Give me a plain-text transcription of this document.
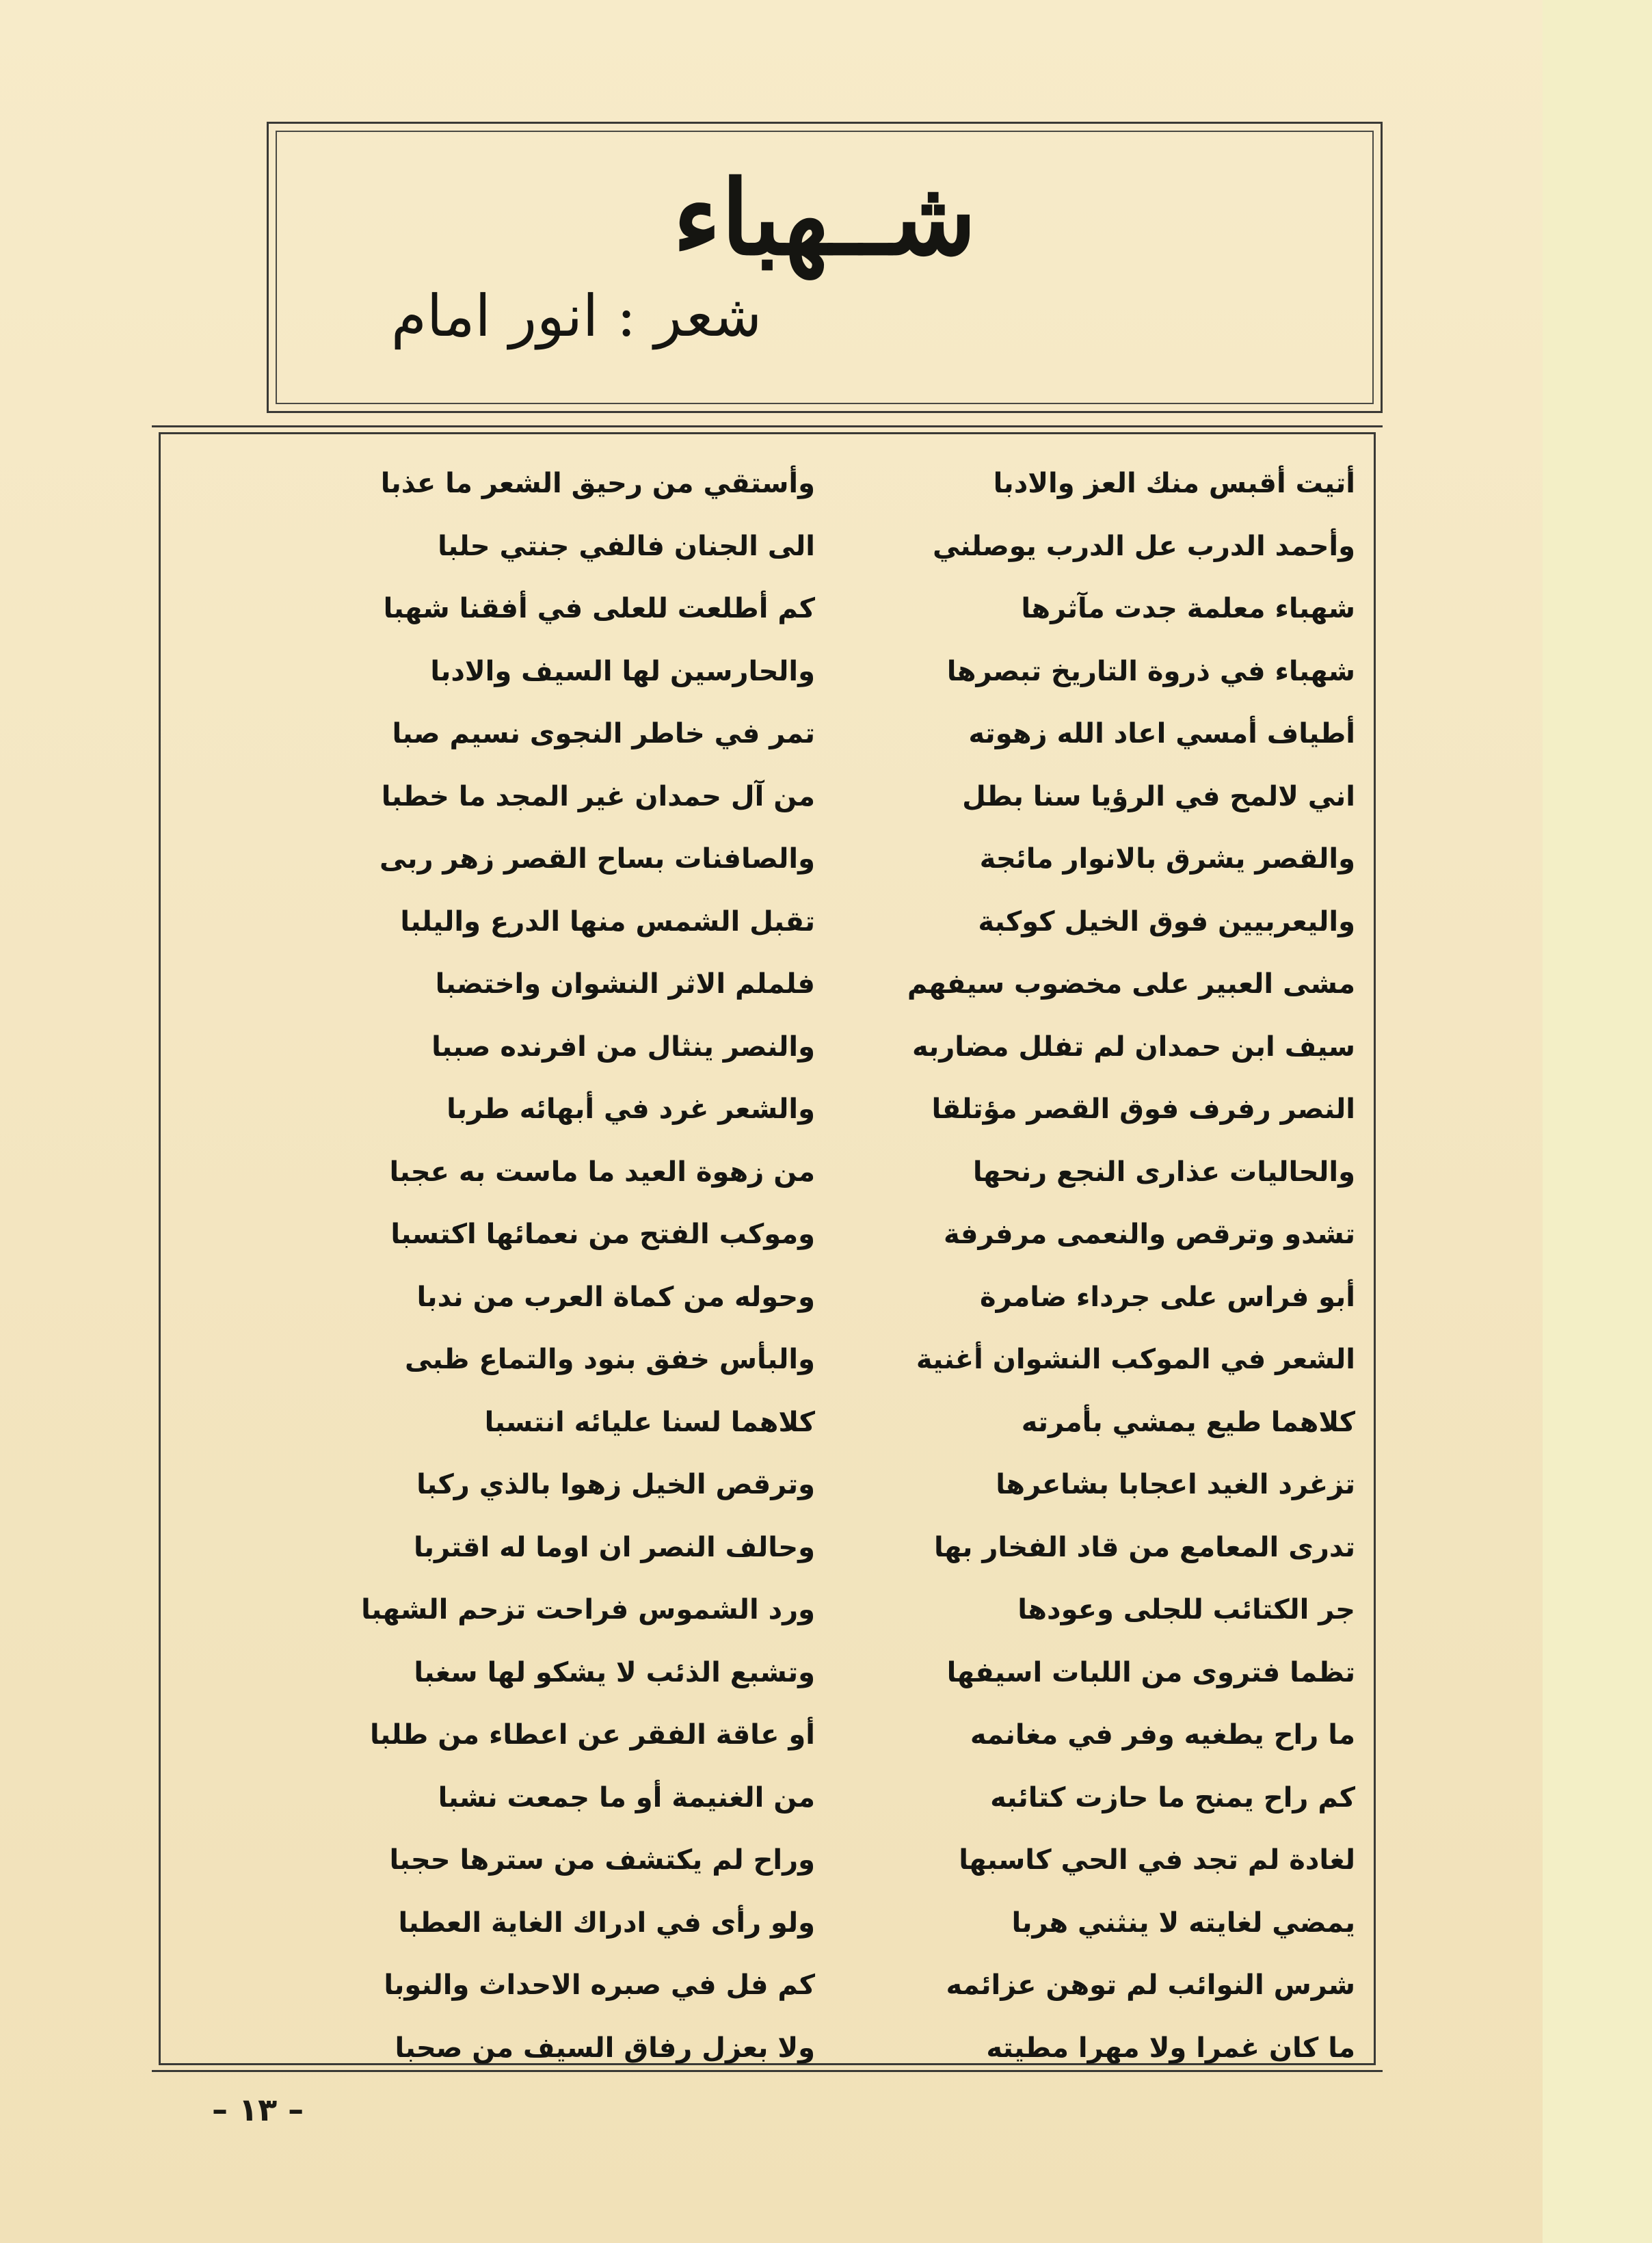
شــهباء
شعر : انور امام
أتيت أقبس منك العز والادبا
وأحمد الدرب عل الدرب يوصلني
شهباء معلمة جدت مآثرها
شهباء في ذروة التاريخ تبصرها
أطياف أمسي اعاد الله زهوته
اني لالمح في الرؤيا سنا بطل
والقصر يشرق بالانوار مائجة
واليعربيين فوق الخيل كوكبة
مشى العبير على مخضوب سيفهم
سيف ابن حمدان لم تفلل مضاربه
النصر رفرف فوق القصر مؤتلقا
والحاليات عذارى النجع رنحها
تشدو وترقص والنعمى مرفرفة
أبو فراس على جرداء ضامرة
الشعر في الموكب النشوان أغنية
كلاهما طيع يمشي بأمرته
تزغرد الغيد اعجابا بشاعرها
تدرى المعامع من قاد الفخار بها
جر الكتائب للجلى وعودها
تظما فتروى من اللبات اسيفها
ما راح يطغيه وفر في مغانمه
كم راح يمنح ما حازت كتائبه
لغادة لم تجد في الحي كاسبها
يمضي لغايته لا ينثني هربا
شرس النوائب لم توهن عزائمه
ما كان غمرا ولا مهرا مطيته
وأستقي من رحيق الشعر ما عذبا
الى الجنان فالفي جنتي حلبا
كم أطلعت للعلى في أفقنا شهبا
والحارسين لها السيف والادبا
تمر في خاطر النجوى نسيم صبا
من آل حمدان غير المجد ما خطبا
والصافنات بساح القصر زهر ربى
تقبل الشمس منها الدرع واليلبا
فلملم الاثر النشوان واختضبا
والنصر ينثال من افرنده صببا
والشعر غرد في أبهائه طربا
من زهوة العيد ما ماست به عجبا
وموكب الفتح من نعمائها اكتسبا
وحوله من كماة العرب من ندبا
والبأس خفق بنود والتماع ظبى
كلاهما لسنا عليائه انتسبا
وترقص الخيل زهوا بالذي ركبا
وحالف النصر ان اوما له اقتربا
ورد الشموس فراحت تزحم الشهبا
وتشبع الذئب لا يشكو لها سغبا
أو عاقة الفقر عن اعطاء من طلبا
من الغنيمة أو ما جمعت نشبا
وراح لم يكتشف من سترها حجبا
ولو رأى في ادراك الغاية العطبا
كم فل في صبره الاحداث والنوبا
ولا بعزل رفاق السيف من صحبا
– ١٣ –
